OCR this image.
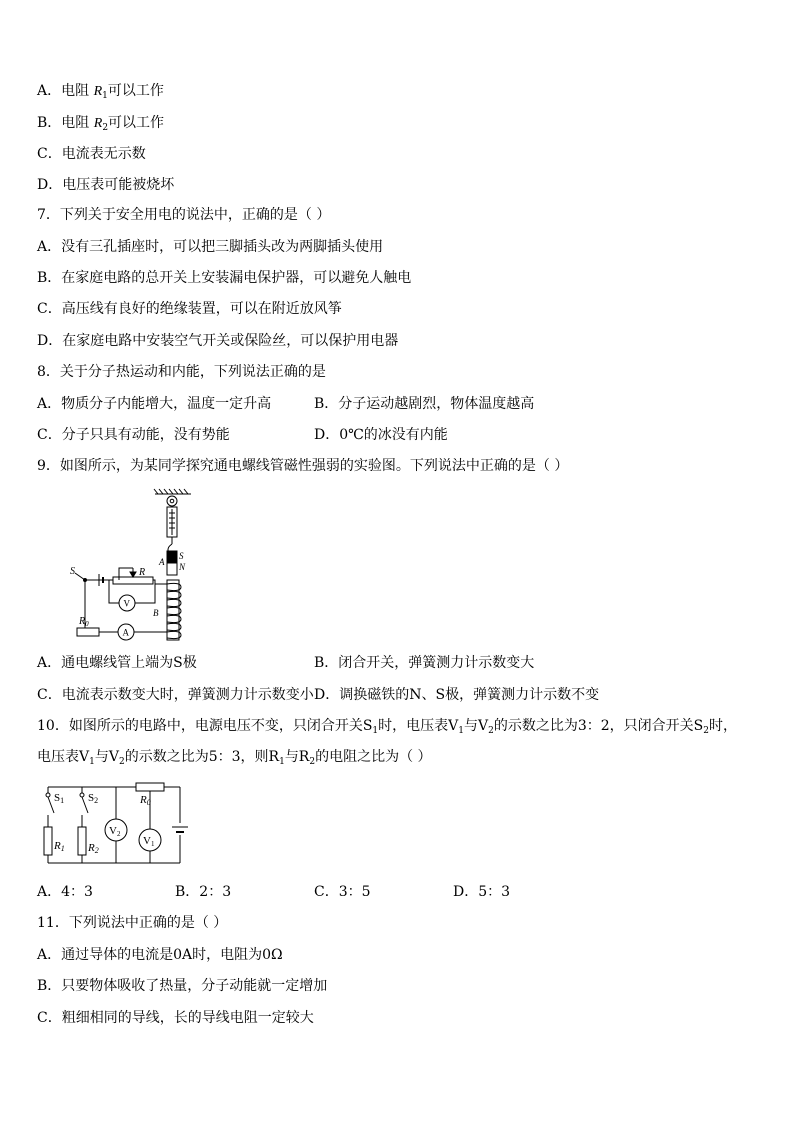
A．电阻 $R_1$可以工作
B．电阻 $R_2$可以工作
C．电流表无示数
D．电压表可能被烧坏
7．下列关于安全用电的说法中，正确的是（ ）
A．没有三孔插座时，可以把三脚插头改为两脚插头使用
B．在家庭电路的总开关上安装漏电保护器，可以避免人触电
C．高压线有良好的绝缘装置，可以在附近放风筝
D．在家庭电路中安装空气开关或保险丝，可以保护用电器
8．关于分子热运动和内能，下列说法正确的是
A．物质分子内能增大，温度一定升高	B．分子运动越剧烈，物体温度越高
C．分子只具有动能，没有势能	D．0℃的冰没有内能
9．如图所示，为某同学探究通电螺线管磁性强弱的实验图。下列说法中正确的是（ ）
S	R
A
S
N
B
$R_0$
V
A
A．通电螺线管上端为S极	B．闭合开关，弹簧测力计示数变大
C．电流表示数变大时，弹簧测力计示数变小 D．调换磁铁的N、S极，弹簧测力计示数不变
10．如图所示的电路中，电源电压不变，只闭合开关$S_1$时，电压表$V_1$与$V_2$的示数之比为3：2，只闭合开关$S_2$时，
电压表$V_1$与$V_2$的示数之比为5：3，则$R_1$与$R_2$的电阻之比为（ ）
S1 S2	R0
R1 R2
V2
V1
A．4：3	B．2：3	C．3：5	D．5：3
11．下列说法中正确的是（ ）
A．通过导体的电流是0A时，电阻为0Ω
B．只要物体吸收了热量，分子动能就一定增加
C．粗细相同的导线，长的导线电阻一定较大
